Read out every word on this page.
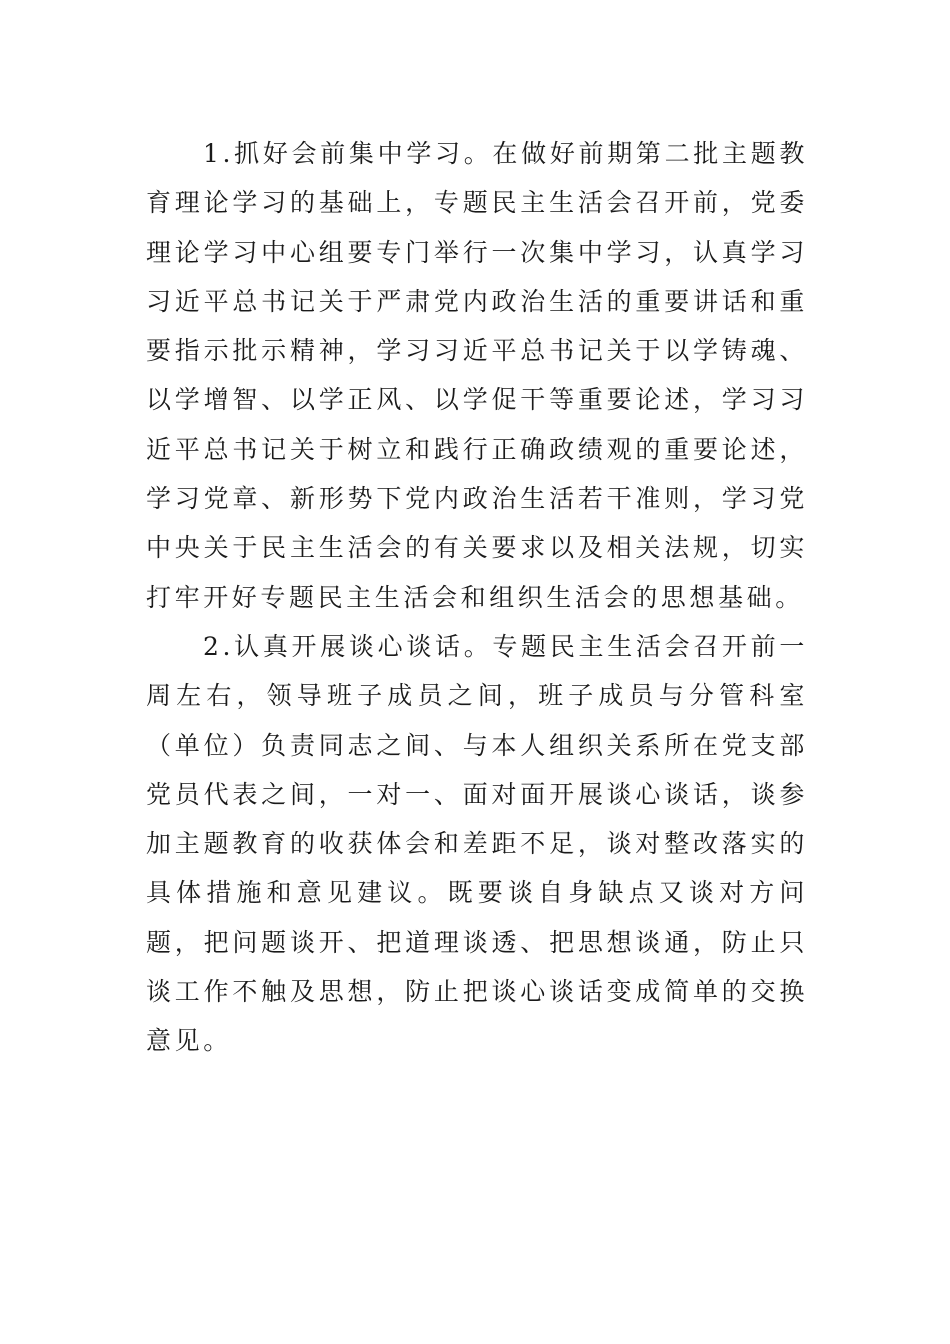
1.抓好会前集中学习。在做好前期第二批主题教育理论学习的基础上，专题民主生活会召开前，党委理论学习中心组要专门举行一次集中学习，认真学习习近平总书记关于严肃党内政治生活的重要讲话和重要指示批示精神，学习习近平总书记关于以学铸魂、以学增智、以学正风、以学促干等重要论述，学习习近平总书记关于树立和践行正确政绩观的重要论述，学习党章、新形势下党内政治生活若干准则，学习党中央关于民主生活会的有关要求以及相关法规，切实打牢开好专题民主生活会和组织生活会的思想基础。

2.认真开展谈心谈话。专题民主生活会召开前一周左右，领导班子成员之间，班子成员与分管科室（单位）负责同志之间、与本人组织关系所在党支部党员代表之间，一对一、面对面开展谈心谈话，谈参加主题教育的收获体会和差距不足，谈对整改落实的具体措施和意见建议。既要谈自身缺点又谈对方问题，把问题谈开、把道理谈透、把思想谈通，防止只谈工作不触及思想，防止把谈心谈话变成简单的交换意见。
